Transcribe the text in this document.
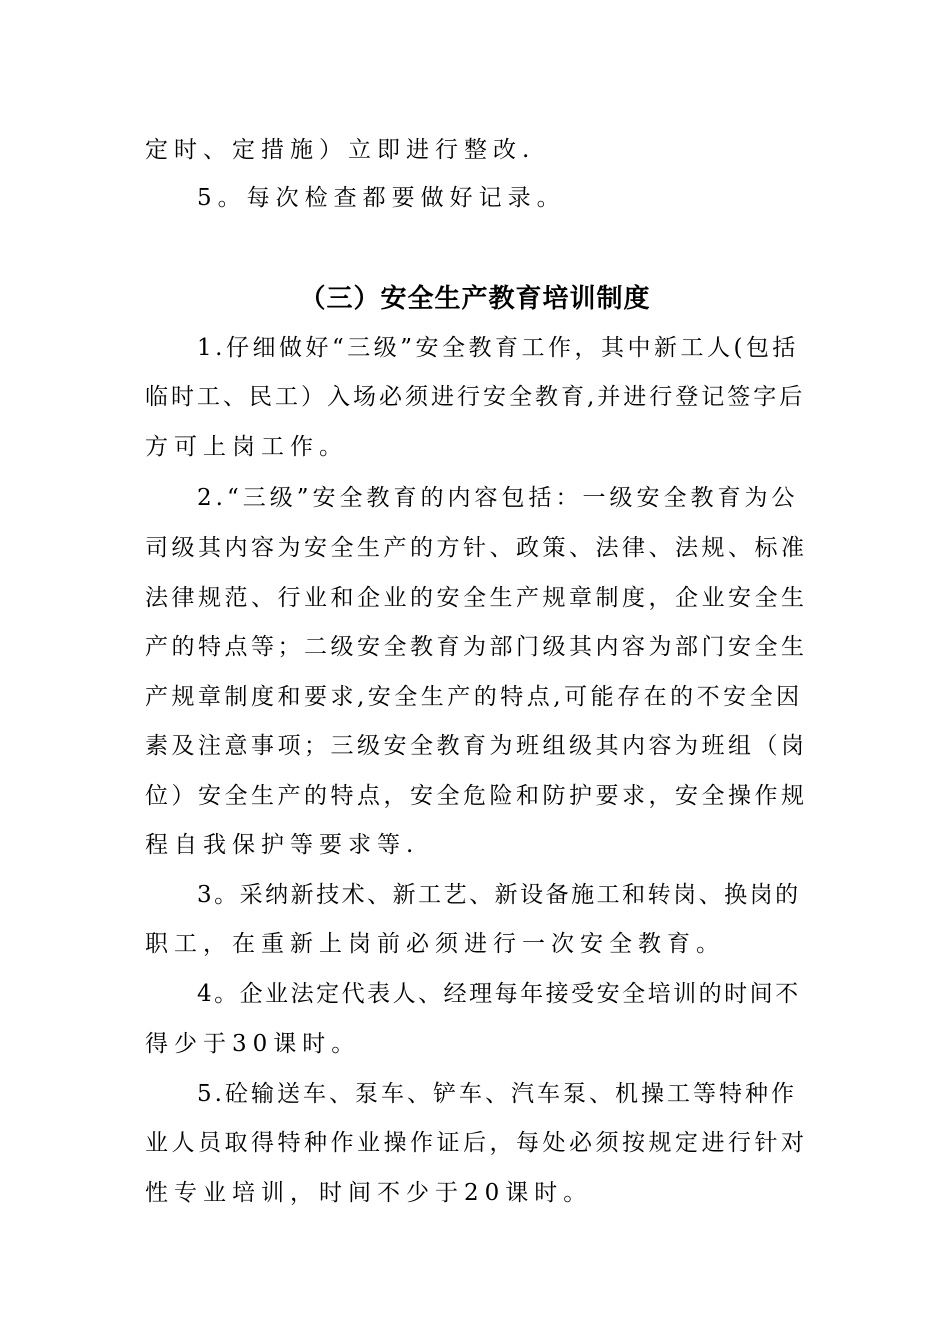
定时、定措施）立即进行整改.
5。每次检查都要做好记录。
（三）安全生产教育培训制度
1.仔细做好“三级”安全教育工作，其中新工人(包括
临时工、民工）入场必须进行安全教育,并进行登记签字后
方可上岗工作。
2.“三级”安全教育的内容包括：一级安全教育为公
司级其内容为安全生产的方针、政策、法律、法规、标准
法律规范、行业和企业的安全生产规章制度，企业安全生
产的特点等；二级安全教育为部门级其内容为部门安全生
产规章制度和要求,安全生产的特点,可能存在的不安全因
素及注意事项；三级安全教育为班组级其内容为班组（岗
位）安全生产的特点，安全危险和防护要求，安全操作规
程自我保护等要求等.
3。采纳新技术、新工艺、新设备施工和转岗、换岗的
职工，在重新上岗前必须进行一次安全教育。
4。企业法定代表人、经理每年接受安全培训的时间不
得少于30课时。
5.砼输送车、泵车、铲车、汽车泵、机操工等特种作
业人员取得特种作业操作证后，每处必须按规定进行针对
性专业培训，时间不少于20课时。
